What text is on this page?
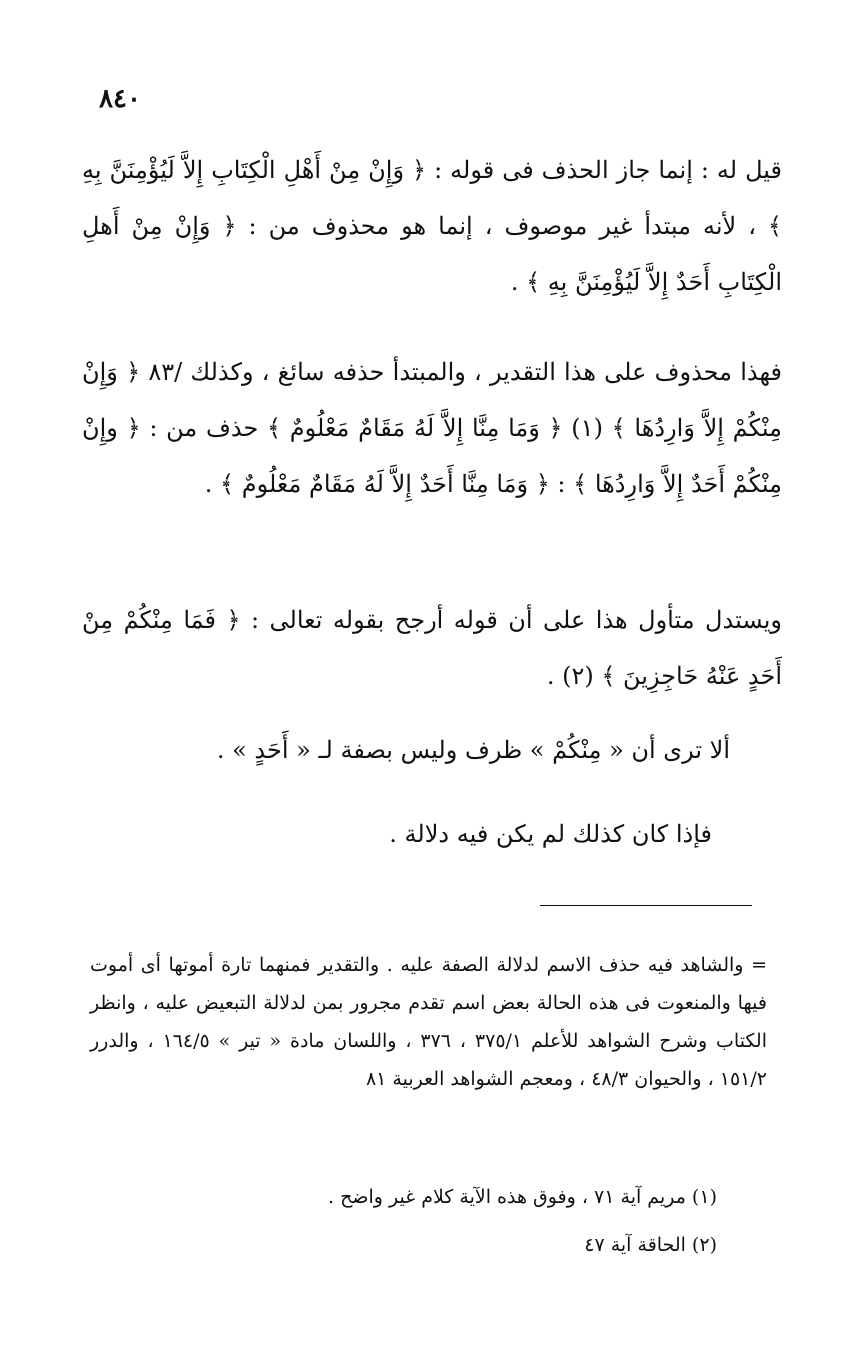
٨٤٠

قيل له : إنما جاز الحذف فى قوله : ﴿ وَإِنْ مِنْ أَهْلِ الْكِتَابِ إِلاَّ لَيُؤْمِنَنَّ بِهِ ﴾ ، لأنه مبتدأ غير موصوف ، إنما هو محذوف من : ﴿ وَإِنْ مِنْ أَهلِ الْكِتَابِ أَحَدٌ إِلاَّ لَيُؤْمِنَنَّ بِهِ ﴾ .

فهذا محذوف على هذا التقدير ، والمبتدأ حذفه سائغ ، وكذلك /٨٣ ﴿ وَإِنْ مِنْكُمْ إِلاَّ وَارِدُهَا ﴾ (١) ﴿ وَمَا مِنَّا إِلاَّ لَهُ مَقَامٌ مَعْلُومٌ ﴾ حذف من : ﴿ وإِنْ مِنْكُمْ أَحَدٌ إِلاَّ وَارِدُهَا ﴾ : ﴿ وَمَا مِنَّا أَحَدٌ إِلاَّ لَهُ مَقَامٌ مَعْلُومٌ ﴾ .

ويستدل متأول هذا على أن قوله أرجح بقوله تعالى : ﴿ فَمَا مِنْكُمْ مِنْ أَحَدٍ عَنْهُ حَاجِزِينَ ﴾ (٢) .

ألا ترى أن « مِنْكُمْ » ظرف وليس بصفة لـ « أَحَدٍ » .

فإذا كان كذلك لم يكن فيه دلالة .

= والشاهد فيه حذف الاسم لدلالة الصفة عليه . والتقدير فمنهما تارة أموتها أى أموت فيها والمنعوت فى هذه الحالة بعض اسم تقدم مجرور بمن لدلالة التبعيض عليه ، وانظر الكتاب وشرح الشواهد للأعلم ٣٧٥/١ ، ٣٧٦ ، واللسان مادة « تير » ١٦٤/٥ ، والدرر ١٥١/٢ ، والحيوان ٤٨/٣ ، ومعجم الشواهد العربية ٨١

(١) مريم آية ٧١ ، وفوق هذه الآية كلام غير واضح .

(٢) الحاقة آية ٤٧
